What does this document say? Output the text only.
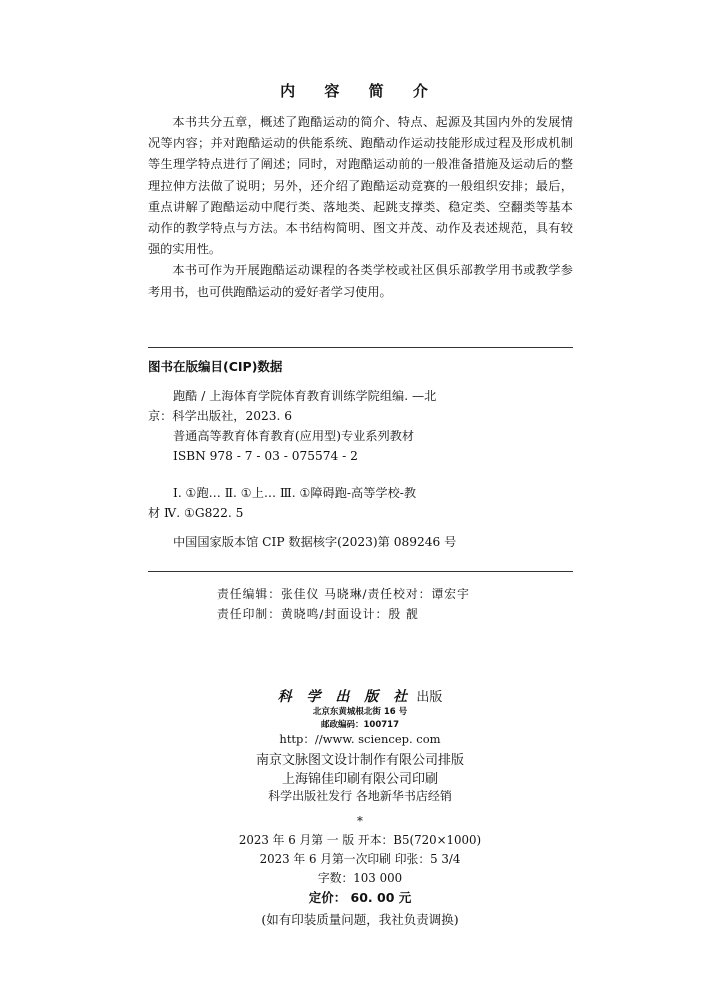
内 容 简 介

本书共分五章，概述了跑酷运动的简介、特点、起源及其国内外的发展情况等内容；并对跑酷运动的供能系统、跑酷动作运动技能形成过程及形成机制等生理学特点进行了阐述；同时，对跑酷运动前的一般准备措施及运动后的整理拉伸方法做了说明；另外，还介绍了跑酷运动竞赛的一般组织安排；最后，重点讲解了跑酷运动中爬行类、落地类、起跳支撑类、稳定类、空翻类等基本动作的教学特点与方法。本书结构简明、图文并茂、动作及表述规范，具有较强的实用性。

本书可作为开展跑酷运动课程的各类学校或社区俱乐部教学用书或教学参考用书，也可供跑酷运动的爱好者学习使用。

图书在版编目(CIP)数据
跑酷 / 上海体育学院体育教育训练学院组编. —北
京：科学出版社，2023. 6
普通高等教育体育教育(应用型)专业系列教材
ISBN 978 - 7 - 03 - 075574 - 2
Ⅰ. ①跑… Ⅱ. ①上… Ⅲ. ①障碍跑-高等学校-教
材 Ⅳ. ①G822. 5
中国国家版本馆 CIP 数据核字(2023)第 089246 号
责任编辑：张佳仪 马晓琳/责任校对：谭宏宇
责任印制：黄晓鸣/封面设计：殷 靓
科 学 出 版 社 出版
北京东黄城根北街 16 号
邮政编码：100717
http：//www. sciencep. com
南京文脉图文设计制作有限公司排版
上海锦佳印刷有限公司印刷
科学出版社发行 各地新华书店经销
*
2023 年 6 月第 一 版 开本：B5(720×1000)
2023 年 6 月第一次印刷 印张：5 3/4
字数：103 000
定价： 60. 00 元
(如有印装质量问题，我社负责调换)
